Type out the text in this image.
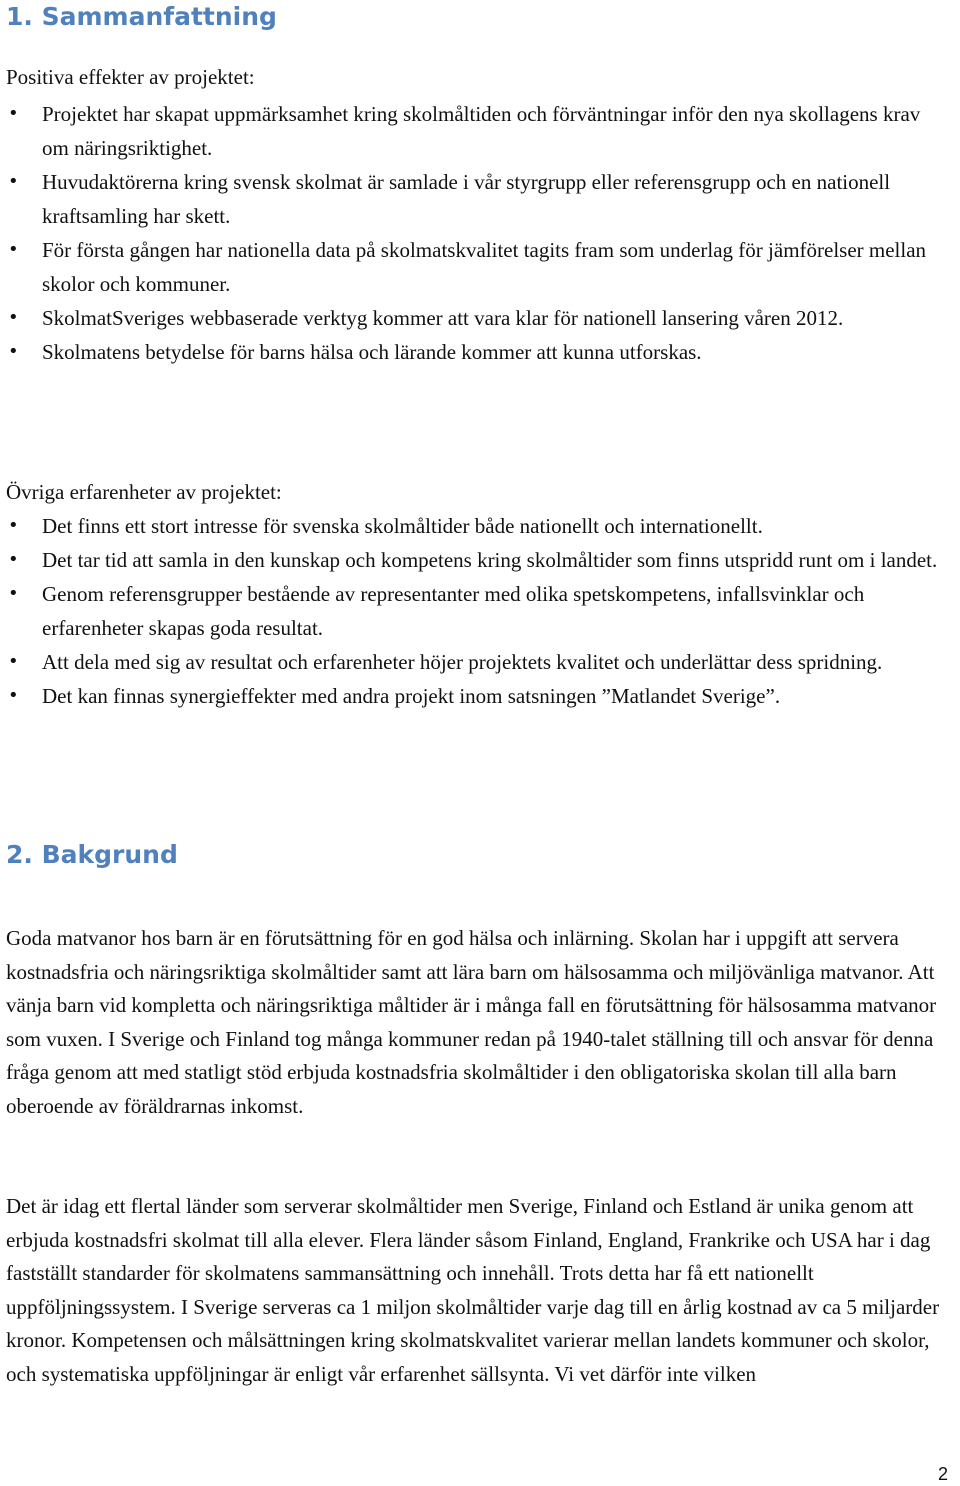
1. Sammanfattning

Positiva effekter av projektet:

• Projektet har skapat uppmärksamhet kring skolmåltiden och förväntningar inför den nya skollagens krav om näringsriktighet.
• Huvudaktörerna kring svensk skolmat är samlade i vår styrgrupp eller referensgrupp och en nationell kraftsamling har skett.
• För första gången har nationella data på skolmatskvalitet tagits fram som underlag för jämförelser mellan skolor och kommuner.
• SkolmatSveriges webbaserade verktyg kommer att vara klar för nationell lansering våren 2012.
• Skolmatens betydelse för barns hälsa och lärande kommer att kunna utforskas.

Övriga erfarenheter av projektet:

• Det finns ett stort intresse för svenska skolmåltider både nationellt och internationellt.
• Det tar tid att samla in den kunskap och kompetens kring skolmåltider som finns utspridd runt om i landet.
• Genom referensgrupper bestående av representanter med olika spetskompetens, infallsvinklar och erfarenheter skapas goda resultat.
• Att dela med sig av resultat och erfarenheter höjer projektets kvalitet och underlättar dess spridning.
• Det kan finnas synergieffekter med andra projekt inom satsningen ”Matlandet Sverige”.
2. Bakgrund

Goda matvanor hos barn är en förutsättning för en god hälsa och inlärning. Skolan har i uppgift att servera kostnadsfria och näringsriktiga skolmåltider samt att lära barn om hälsosamma och miljövänliga matvanor. Att vänja barn vid kompletta och näringsriktiga måltider är i många fall en förutsättning för hälsosamma matvanor som vuxen. I Sverige och Finland tog många kommuner redan på 1940-talet ställning till och ansvar för denna fråga genom att med statligt stöd erbjuda kostnadsfria skolmåltider i den obligatoriska skolan till alla barn oberoende av föräldrarnas inkomst.

Det är idag ett flertal länder som serverar skolmåltider men Sverige, Finland och Estland är unika genom att erbjuda kostnadsfri skolmat till alla elever. Flera länder såsom Finland, England, Frankrike och USA har i dag fastställt standarder för skolmatens sammansättning och innehåll. Trots detta har få ett nationellt uppföljningssystem. I Sverige serveras ca 1 miljon skolmåltider varje dag till en årlig kostnad av ca 5 miljarder kronor. Kompetensen och målsättningen kring skolmatskvalitet varierar mellan landets kommuner och skolor, och systematiska uppföljningar är enligt vår erfarenhet sällsynta. Vi vet därför inte vilken

2
